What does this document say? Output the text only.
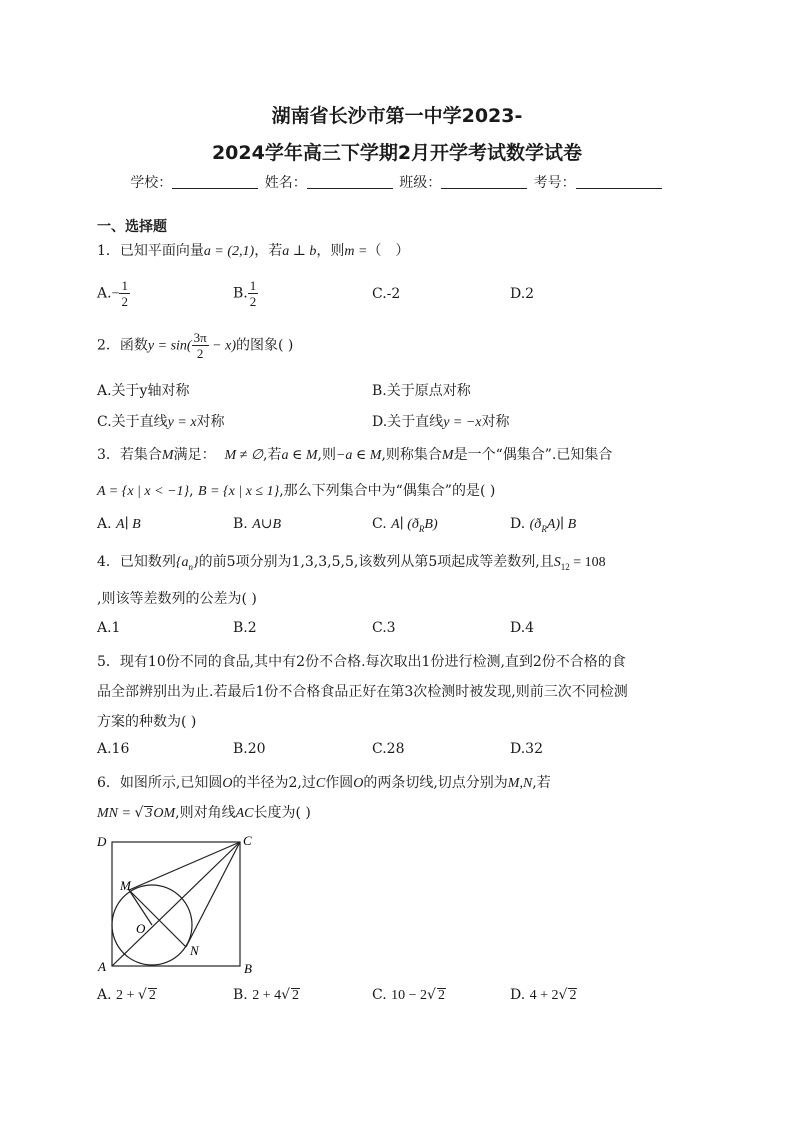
湖南省长沙市第一中学2023-
2024学年高三下学期2月开学考试数学试卷
学校：	姓名：	班级：	考号：
一、选择题
1．已知平面向量a = (2,1)，若a ⊥ b，则m =（　）
$A.- \frac{1}{2}$	B. $\frac{1}{2}$	C.-2	D.2
2．函数$y = \sin( \frac{3\pi}{2} - x)$的图象( )
A.关于y轴对称	B.关于原点对称
C.关于直线y = x对称	D.关于直线y = −x对称
3．若集合M满足： M ≠ ∅,若a ∈ M,则−a ∈ M,则称集合M是一个“偶集合”.已知集合
A = {x | x < −1}, B = {x | x ≤ 1},那么下列集合中为“偶集合”的是( )
A. A∣ B	B. A∪B	C. A∣ $(ð_RB)$	D. $(ð_RA)∣$ B
4．已知数列$\{a_n\}$的前5项分别为1,3,3,5,5,该数列从第5项起成等差数列,且$S_{12} = 108$
,则该等差数列的公差为( )
A.1	B.2	C.3	D.4
5．现有10份不同的食品,其中有2份不合格.每次取出1份进行检测,直到2份不合格的食
品全部辨别出为止.若最后1份不合格食品正好在第3次检测时被发现,则前三次不同检测
方案的种数为( )
A.16	B.20	C.28	D.32
6．如图所示,已知圆O的半径为2,过C作圆O的两条切线,切点分别为M,N,若
MN = √ 3OM,则对角线AC长度为( )
D	C
M
O
N
A	B
A. 2 + √ 2	B. 2 + 4√ 2	C. 10 − 2√ 2	D. 4 + 2√ 2
